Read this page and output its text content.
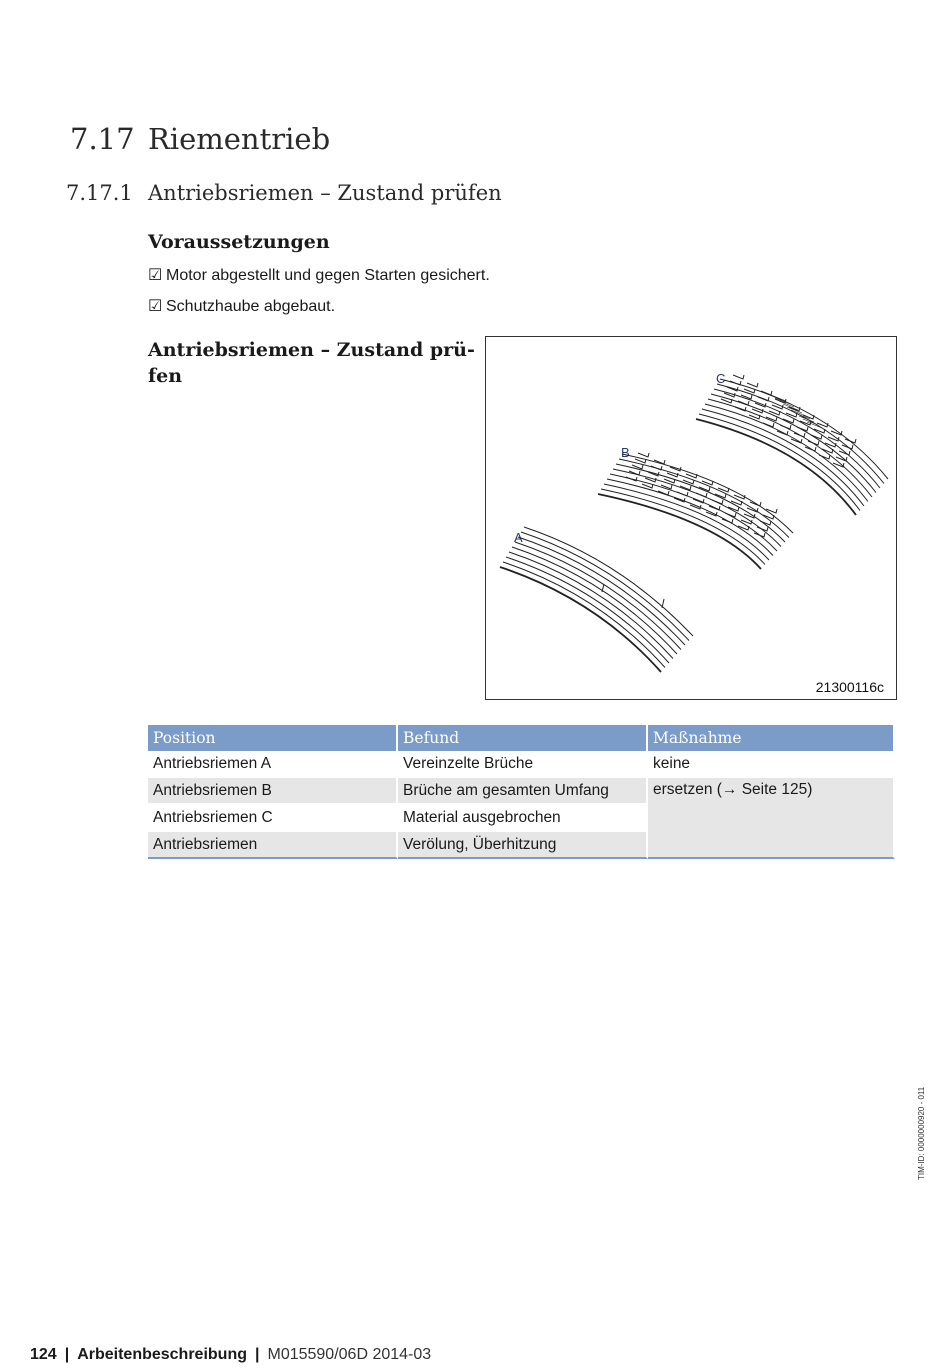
7.17 Riementrieb
7.17.1 Antriebsriemen – Zustand prüfen
Voraussetzungen
☑ Motor abgestellt und gegen Starten gesichert.
☑ Schutzhaube abgebaut.
Antriebsriemen – Zustand prü-
fen
A
B
C
21300116c
Position	Befund	Maßnahme
Antriebsriemen A	Vereinzelte Brüche	keine
Antriebsriemen B	Brüche am gesamten Umfang	ersetzen (→ Seite 125)
Antriebsriemen C	Material ausgebrochen	
Antriebsriemen	Verölung, Überhitzung	
TIM-ID: 0000000920 - 011
124 | Arbeitenbeschreibung | M015590/06D 2014-03
